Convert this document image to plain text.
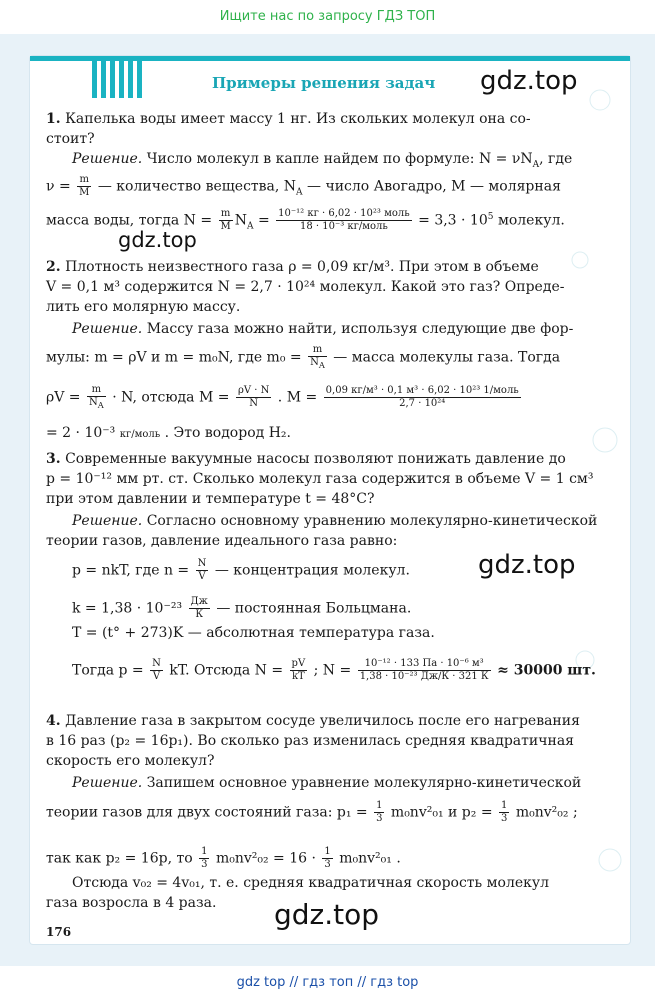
Ищите нас по запросу ГДЗ ТОП
Примеры решения задач gdz.top
gdz.top
gdz.top
gdz.top
1. Капелька воды имеет массу 1 нг. Из скольких молекул она со-
стоит?
Решение. Число молекул в капле найдем по формуле: $N = \nu N_A$, где
$\nu = \frac{m}{M}$ — количество вещества, $N_A$ — число Авогадро, M — молярная
масса воды, тогда $N = \frac{m}{M} N_A = \frac{\text{10⁻¹² кг · 6,02 · 10²³ моль}}{\text{18 · 10⁻³ кг/моль}} = 3,3 \cdot 10^5$ молекул.
2. Плотность неизвестного газа ρ = 0,09 кг/м³. При этом в объеме
V = 0,1 м³ содержится N = 2,7 · 10²⁴ молекул. Какой это газ? Опреде-
лить его молярную массу.
Решение. Массу газа можно найти, используя следующие две фор-
мулы: m = ρV и m = m₀N, где $m_0 = \frac{m}{N_A}$ — масса молекулы газа. Тогда
$\rho V = \frac{m}{N_A} \cdot N$, отсюда $M = \frac{\rho V \cdot N}{N}$ . $M = \frac{\text{0,09 кг/м³ · 0,1 м³ · 6,02 · 10²³ 1/моль}}{\text{2,7 · 10²⁴}}$
= 2 · 10⁻³ кг/моль . Это водород H₂.
3. Современные вакуумные насосы позволяют понижать давление до
p = 10⁻¹² мм рт. ст. Сколько молекул газа содержится в объеме V = 1 см³
при этом давлении и температуре t = 48°C?
Решение. Согласно основному уравнению молекулярно-кинетической
теории газов, давление идеального газа равно:
p = nkT, где $n = \frac{N}{V}$ — концентрация молекул.
$k = 1,38 \cdot 10^{-23} \frac{Дж}{К}$ — постоянная Больцмана.
T = (t° + 273)K — абсолютная температура газа.
Тогда $p = \frac{N}{V}$ kT. Отсюда $N = \frac{pV}{kT}$ ; $N = \frac{\text{10⁻¹² · 133 Па · 10⁻⁶ м³}}{\text{1,38 · 10⁻²³ Дж/К · 321 К}} \approx 30000$ шт.
4. Давление газа в закрытом сосуде увеличилось после его нагревания
в 16 раз (p₂ = 16p₁). Во сколько раз изменилась средняя квадратичная
скорость его молекул?
Решение. Запишем основное уравнение молекулярно-кинетической
теории газов для двух состояний газа: $p_1 = \frac{1}{3} m_0nv^2_{01}$ и $p_2 = \frac{1}{3} m_0nv^2_{02}$ ;
так как p₂ = 16p, то $\frac{1}{3} m_0nv^2_{02} = 16 \cdot \frac{1}{3} m_0nv^2_{01}$ .
Отсюда v₀₂ = 4v₀₁, т. е. средняя квадратичная скорость молекул
газа возросла в 4 раза.
176
gdz top // гдз топ // гдз top
